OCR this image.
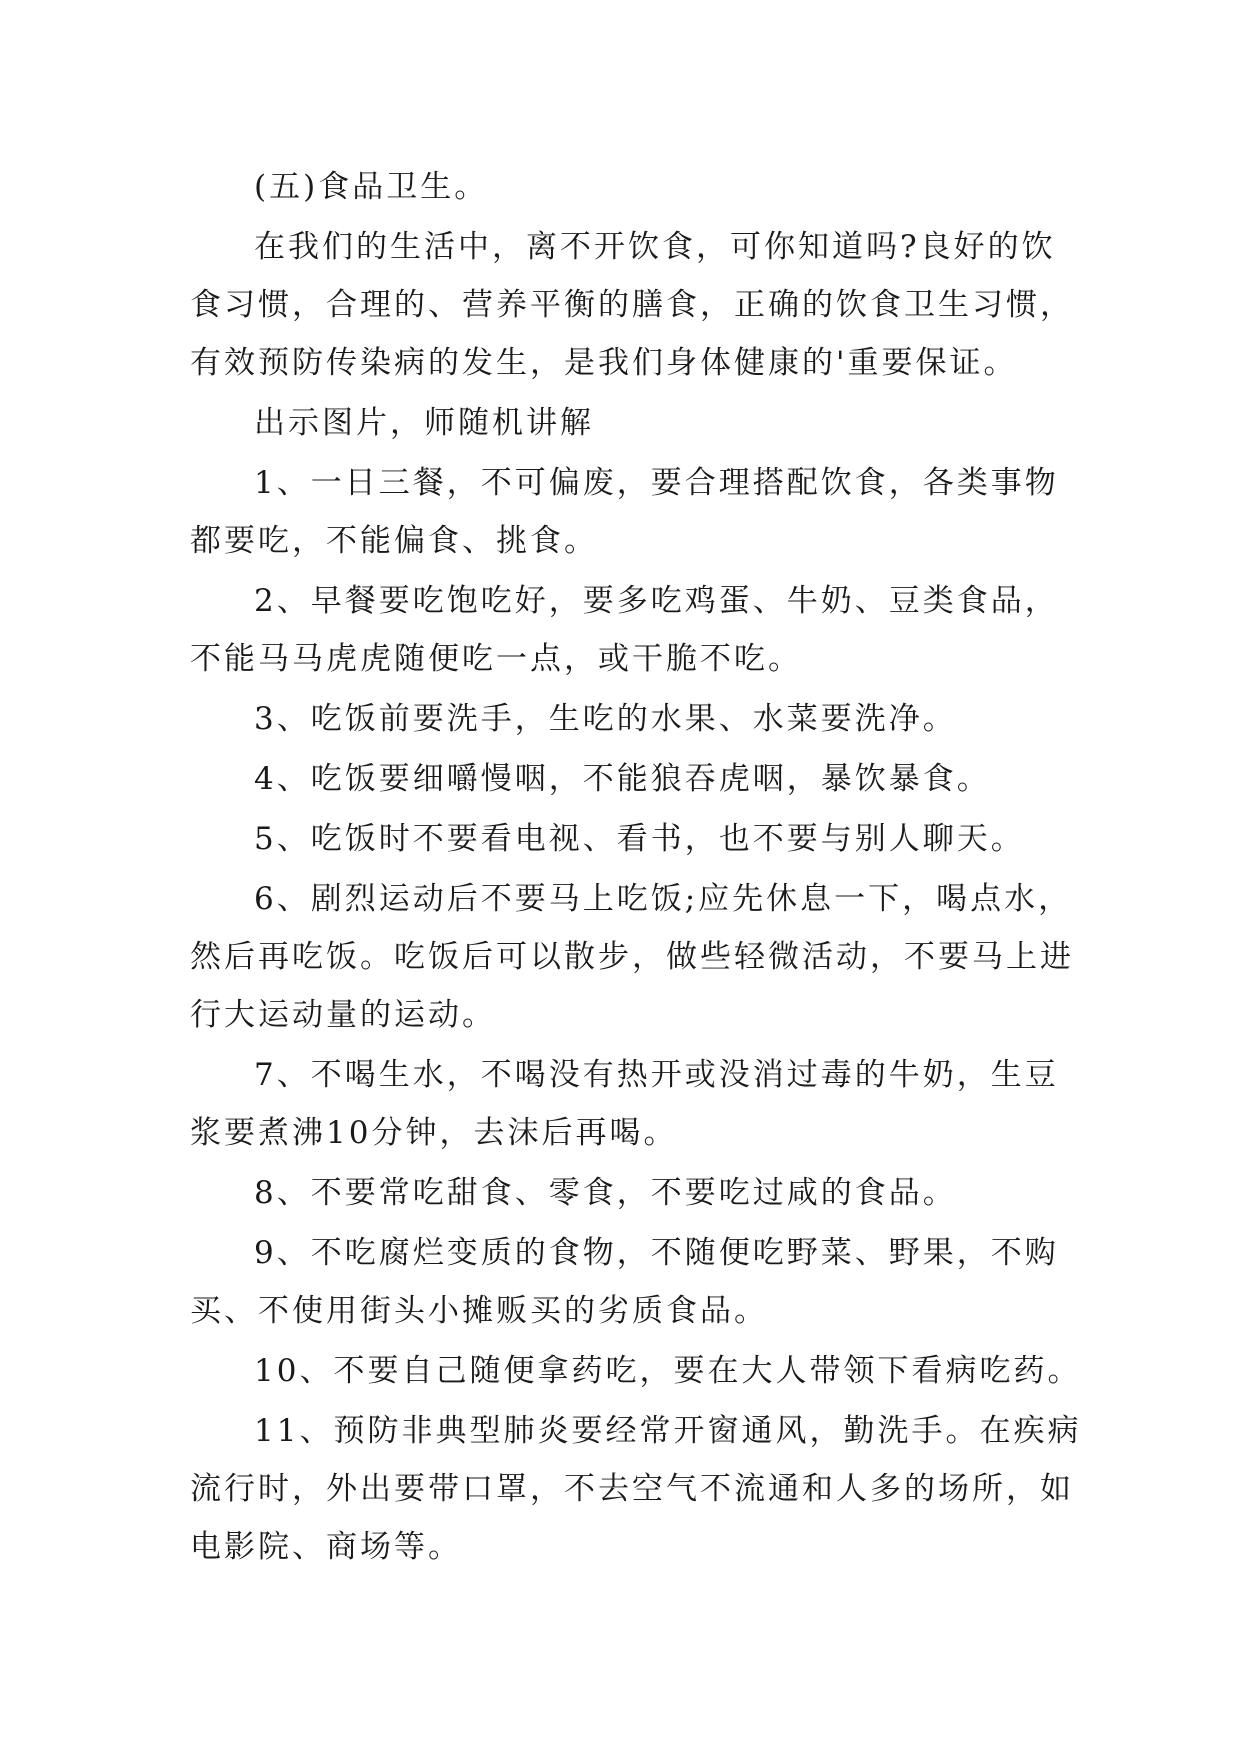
(五)食品卫生。
在我们的生活中，离不开饮食，可你知道吗?良好的饮
食习惯，合理的、营养平衡的膳食，正确的饮食卫生习惯，
有效预防传染病的发生，是我们身体健康的'重要保证。
出示图片，师随机讲解
1、一日三餐，不可偏废，要合理搭配饮食，各类事物
都要吃，不能偏食、挑食。
2、早餐要吃饱吃好，要多吃鸡蛋、牛奶、豆类食品，
不能马马虎虎随便吃一点，或干脆不吃。
3、吃饭前要洗手，生吃的水果、水菜要洗净。
4、吃饭要细嚼慢咽，不能狼吞虎咽，暴饮暴食。
5、吃饭时不要看电视、看书，也不要与别人聊天。
6、剧烈运动后不要马上吃饭;应先休息一下，喝点水，
然后再吃饭。吃饭后可以散步，做些轻微活动，不要马上进
行大运动量的运动。
7、不喝生水，不喝没有热开或没消过毒的牛奶，生豆
浆要煮沸10分钟，去沫后再喝。
8、不要常吃甜食、零食，不要吃过咸的食品。
9、不吃腐烂变质的食物，不随便吃野菜、野果，不购
买、不使用街头小摊贩买的劣质食品。
10、不要自己随便拿药吃，要在大人带领下看病吃药。
11、预防非典型肺炎要经常开窗通风，勤洗手。在疾病
流行时，外出要带口罩，不去空气不流通和人多的场所，如
电影院、商场等。
